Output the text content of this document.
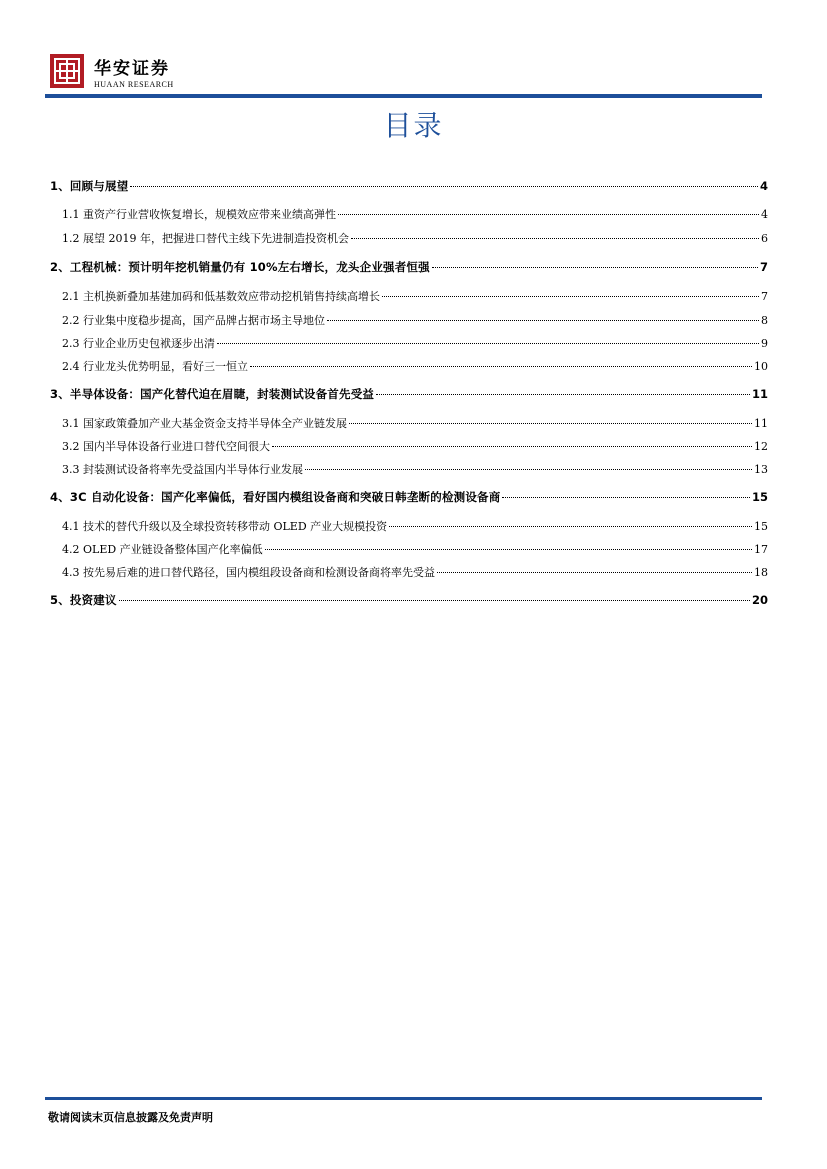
华安证券
HUAAN RESEARCH
目录
1、回顾与展望	4
1.1 重资产行业营收恢复增长，规模效应带来业绩高弹性	4
1.2 展望 2019 年，把握进口替代主线下先进制造投资机会	6
2、工程机械：预计明年挖机销量仍有 10%左右增长，龙头企业强者恒强	7
2.1 主机换新叠加基建加码和低基数效应带动挖机销售持续高增长	7
2.2 行业集中度稳步提高，国产品牌占据市场主导地位	8
2.3 行业企业历史包袱逐步出清	9
2.4 行业龙头优势明显，看好三一恒立	10
3、半导体设备：国产化替代迫在眉睫，封装测试设备首先受益	11
3.1 国家政策叠加产业大基金资金支持半导体全产业链发展	11
3.2 国内半导体设备行业进口替代空间很大	12
3.3 封装测试设备将率先受益国内半导体行业发展	13
4、3C 自动化设备：国产化率偏低，看好国内模组设备商和突破日韩垄断的检测设备商	15
4.1 技术的替代升级以及全球投资转移带动 OLED 产业大规模投资	15
4.2 OLED 产业链设备整体国产化率偏低	17
4.3 按先易后难的进口替代路径，国内模组段设备商和检测设备商将率先受益	18
5、投资建议	20
敬请阅读末页信息披露及免责声明
